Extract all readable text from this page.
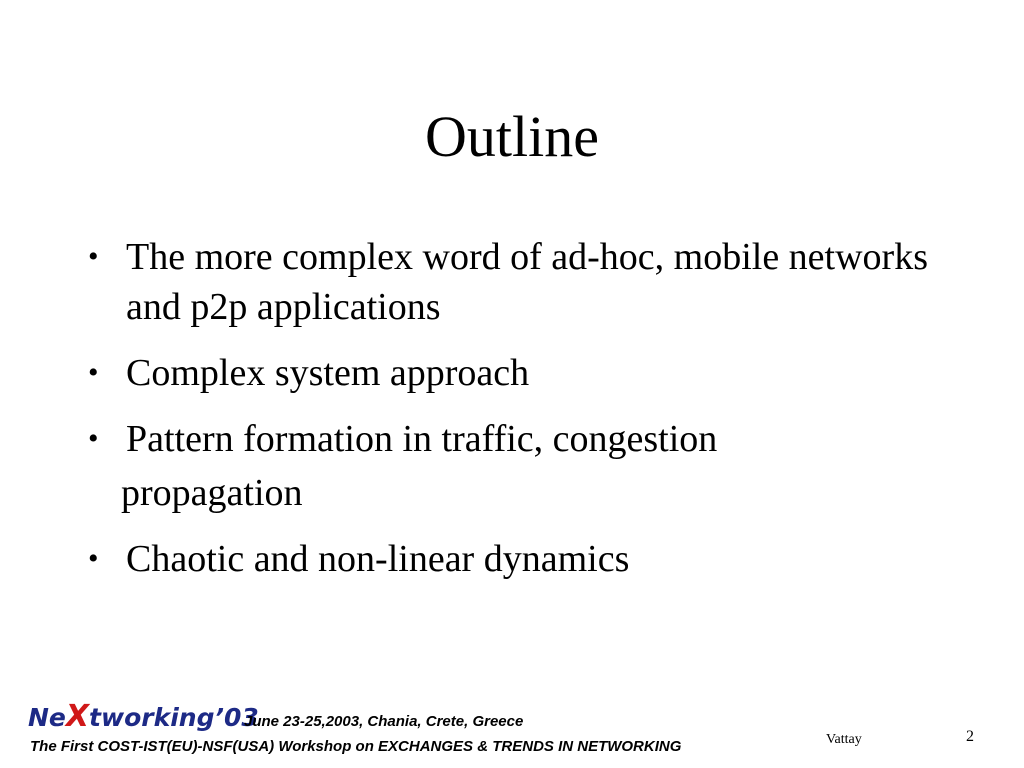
Outline
• The more complex word of ad-hoc, mobile networks and p2p applications
• Complex system approach
• Pattern formation in traffic, congestion
propagation
• Chaotic and non-linear dynamics
NeXtworking’03
June 23-25,2003, Chania, Crete, Greece
The First COST-IST(EU)-NSF(USA) Workshop on EXCHANGES & TRENDS IN NETWORKING	Vattay	2
